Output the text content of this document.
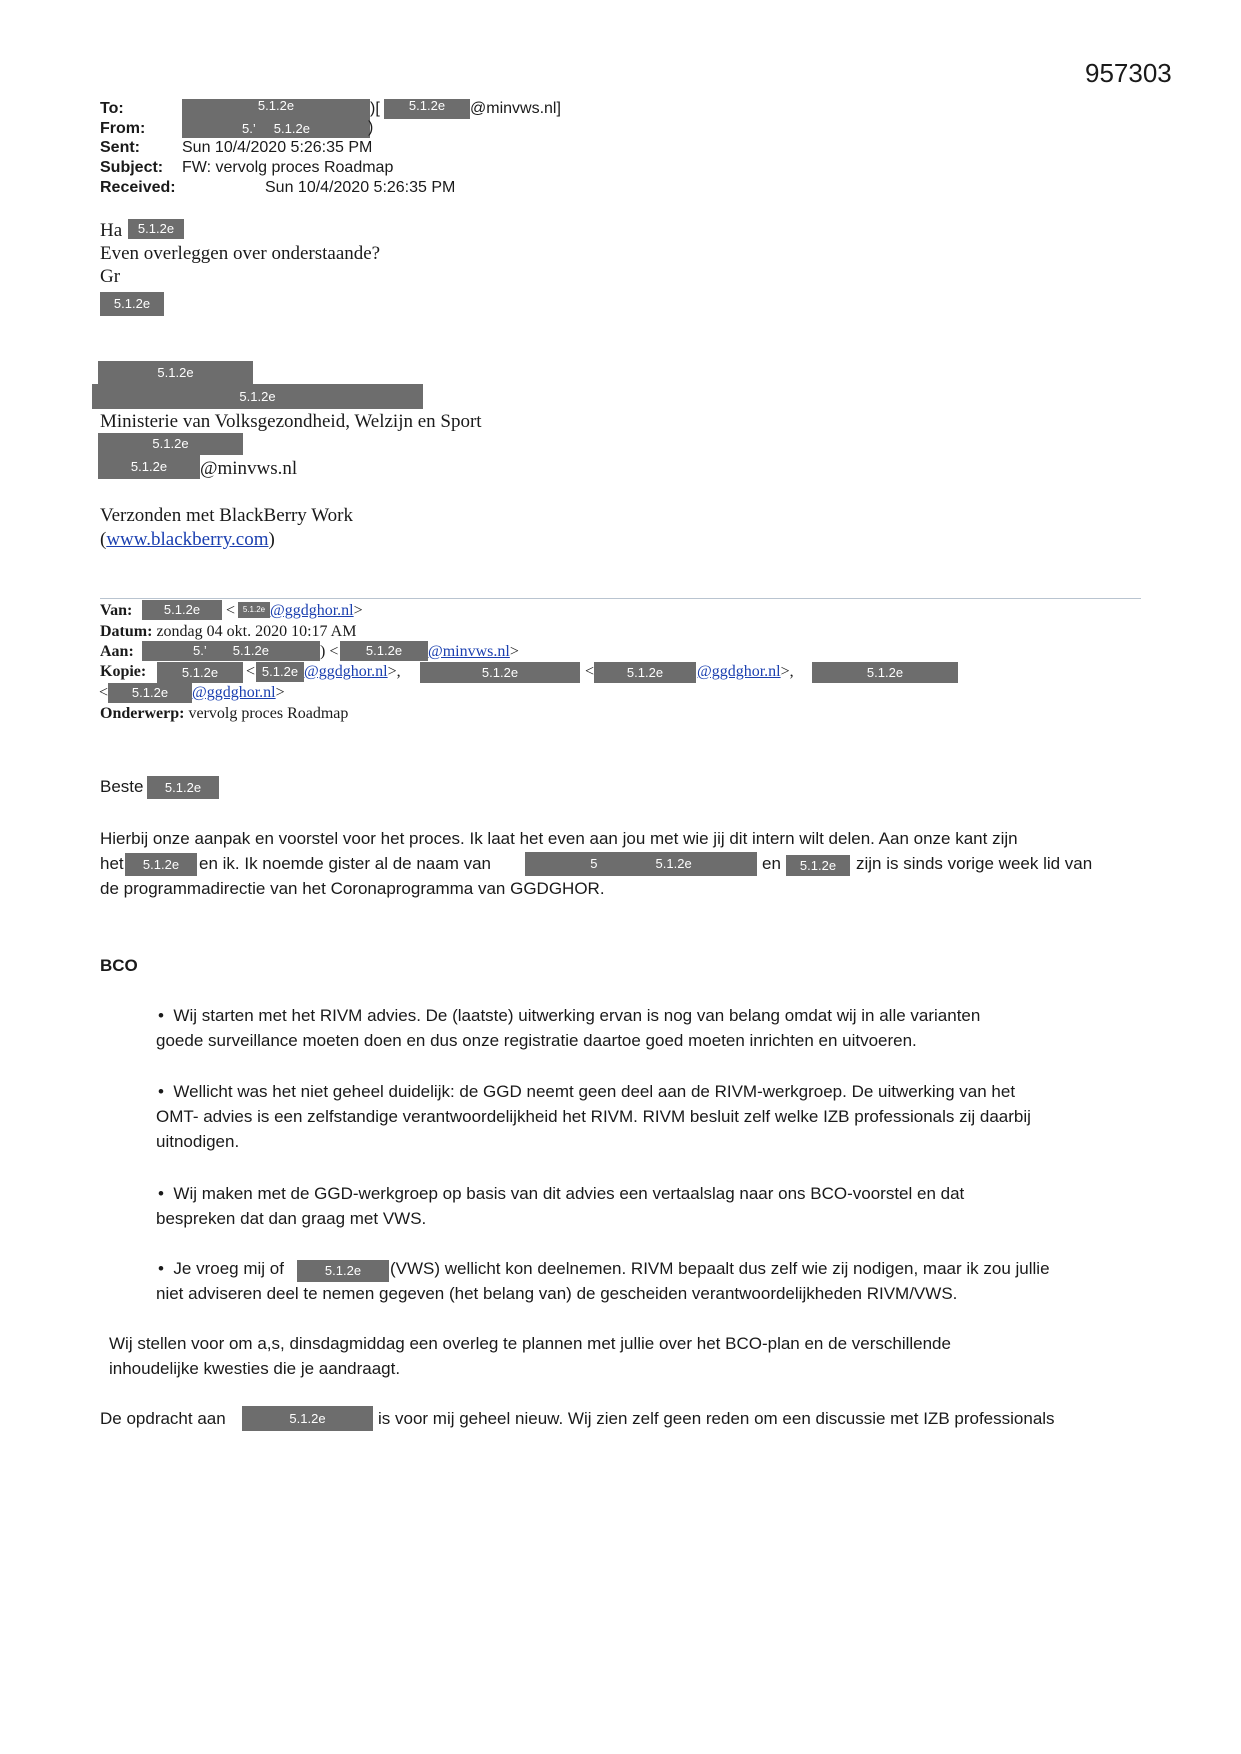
957303
To:	5.1.2e	)[	5.1.2e	@minvws.nl]
From:	5.’ 5.1.2e	)
Sent:	Sun 10/4/2020 5:26:35 PM
Subject: FW: vervolg proces Roadmap
Received:	Sun 10/4/2020 5:26:35 PM
Ha	5.1.2e
Even overleggen over onderstaande?
Gr
5.1.2e
5.1.2e
5.1.2e
Ministerie van Volksgezondheid, Welzijn en Sport
5.1.2e
5.1.2e	@minvws.nl
Verzonden met BlackBerry Work
(www.blackberry.com)
Van:	5.1.2e	< 5.1.2e @ggdghor.nl>
Datum: zondag 04 okt. 2020 10:17 AM
Aan:	5.’ 5.1.2e	) <	5.1.2e	@minvws.nl>
Kopie:	5.1.2e	< 5.1.2e @ggdghor.nl>,	5.1.2e	<	5.1.2e	@ggdghor.nl>,	5.1.2e
<	5.1.2e	@ggdghor.nl>
Onderwerp: vervolg proces Roadmap
Beste	5.1.2e
Hierbij onze aanpak en voorstel voor het proces. Ik laat het even aan jou met wie jij dit intern wilt delen. Aan onze kant zijn
het	5.1.2e	en ik. Ik noemde gister al de naam van	5	5.1.2e	en	5.1.2e	zijn is sinds vorige week lid van
de programmadirectie van het Coronaprogramma van GGDGHOR.
BCO
• Wij starten met het RIVM advies. De (laatste) uitwerking ervan is nog van belang omdat wij in alle varianten
goede surveillance moeten doen en dus onze registratie daartoe goed moeten inrichten en uitvoeren.
• Wellicht was het niet geheel duidelijk: de GGD neemt geen deel aan de RIVM-werkgroep. De uitwerking van het
OMT- advies is een zelfstandige verantwoordelijkheid het RIVM. RIVM besluit zelf welke IZB professionals zij daarbij
uitnodigen.
• Wij maken met de GGD-werkgroep op basis van dit advies een vertaalslag naar ons BCO-voorstel en dat
bespreken dat dan graag met VWS.
• Je vroeg mij of	5.1.2e	(VWS) wellicht kon deelnemen. RIVM bepaalt dus zelf wie zij nodigen, maar ik zou jullie
niet adviseren deel te nemen gegeven (het belang van) de gescheiden verantwoordelijkheden RIVM/VWS.
Wij stellen voor om a,s, dinsdagmiddag een overleg te plannen met jullie over het BCO-plan en de verschillende
inhoudelijke kwesties die je aandraagt.
De opdracht aan	5.1.2e	is voor mij geheel nieuw. Wij zien zelf geen reden om een discussie met IZB professionals
